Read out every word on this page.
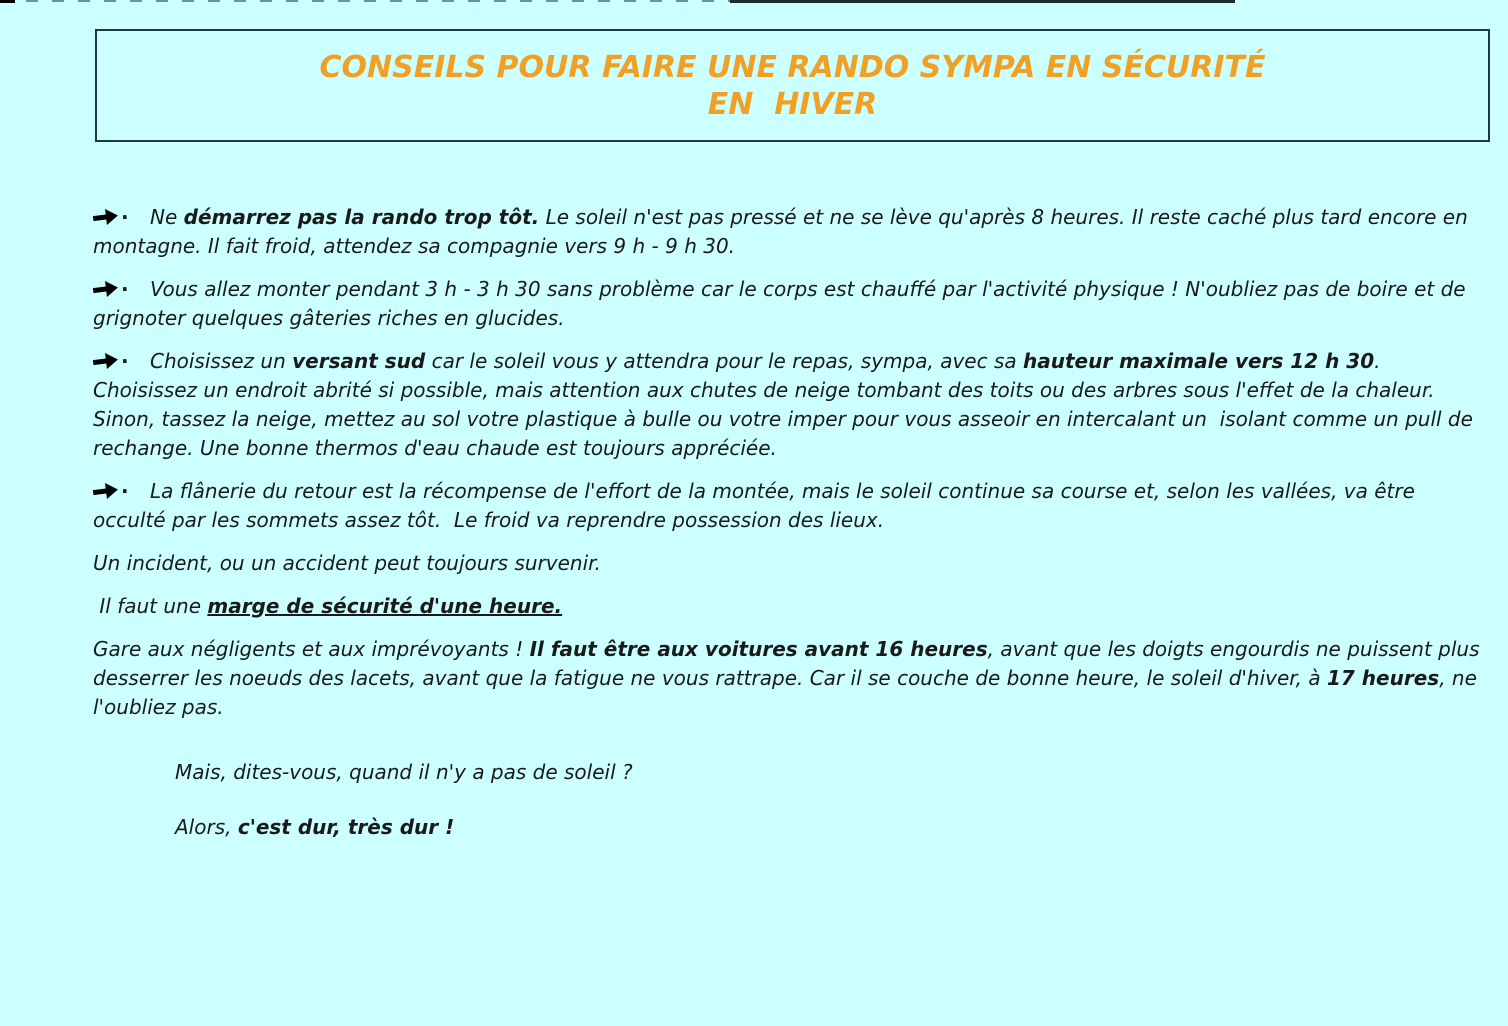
CONSEILS POUR FAIRE UNE RANDO SYMPA EN SÉCURITÉ
EN  HIVER

· Ne démarrez pas la rando trop tôt. Le soleil n'est pas pressé et ne se lève qu'après 8 heures. Il reste caché plus tard encore en montagne. Il fait froid, attendez sa compagnie vers 9 h - 9 h 30.

· Vous allez monter pendant 3 h - 3 h 30 sans problème car le corps est chauffé par l'activité physique ! N'oubliez pas de boire et de grignoter quelques gâteries riches en glucides.

· Choisissez un versant sud car le soleil vous y attendra pour le repas, sympa, avec sa hauteur maximale vers 12 h 30. Choisissez un endroit abrité si possible, mais attention aux chutes de neige tombant des toits ou des arbres sous l'effet de la chaleur. Sinon, tassez la neige, mettez au sol votre plastique à bulle ou votre imper pour vous asseoir en intercalant un  isolant comme un pull de rechange. Une bonne thermos d'eau chaude est toujours appréciée.

· La flânerie du retour est la récompense de l'effort de la montée, mais le soleil continue sa course et, selon les vallées, va être occulté par les sommets assez tôt.  Le froid va reprendre possession des lieux.

Un incident, ou un accident peut toujours survenir.

Il faut une marge de sécurité d'une heure.

Gare aux négligents et aux imprévoyants ! Il faut être aux voitures avant 16 heures, avant que les doigts engourdis ne puissent plus desserrer les noeuds des lacets, avant que la fatigue ne vous rattrape. Car il se couche de bonne heure, le soleil d'hiver, à 17 heures, ne l'oubliez pas.

Mais, dites-vous, quand il n'y a pas de soleil ?

Alors, c'est dur, très dur !
